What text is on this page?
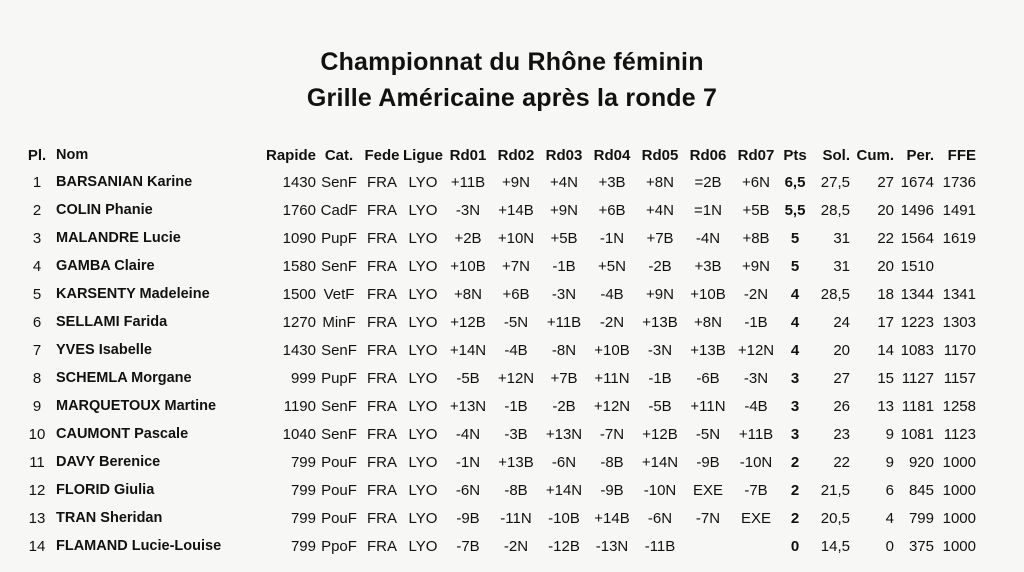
Championnat du Rhône féminin
Grille Américaine après la ronde 7
Pl.	Nom	Rapide	Cat.	Fede	Ligue	Rd01	Rd02	Rd03	Rd04	Rd05	Rd06	Rd07	Pts	Sol.	Cum.	Per.	FFE
1	BARSANIAN Karine	1430	SenF	FRA	LYO	+11B	+9N	+4N	+3B	+8N	=2B	+6N	6,5	27,5	27	1674	1736
2	COLIN Phanie	1760	CadF	FRA	LYO	-3N	+14B	+9N	+6B	+4N	=1N	+5B	5,5	28,5	20	1496	1491
3	MALANDRE Lucie	1090	PupF	FRA	LYO	+2B	+10N	+5B	-1N	+7B	-4N	+8B	5	31	22	1564	1619
4	GAMBA Claire	1580	SenF	FRA	LYO	+10B	+7N	-1B	+5N	-2B	+3B	+9N	5	31	20	1510	
5	KARSENTY Madeleine	1500	VetF	FRA	LYO	+8N	+6B	-3N	-4B	+9N	+10B	-2N	4	28,5	18	1344	1341
6	SELLAMI Farida	1270	MinF	FRA	LYO	+12B	-5N	+11B	-2N	+13B	+8N	-1B	4	24	17	1223	1303
7	YVES Isabelle	1430	SenF	FRA	LYO	+14N	-4B	-8N	+10B	-3N	+13B	+12N	4	20	14	1083	1170
8	SCHEMLA Morgane	999	PupF	FRA	LYO	-5B	+12N	+7B	+11N	-1B	-6B	-3N	3	27	15	1127	1157
9	MARQUETOUX Martine	1190	SenF	FRA	LYO	+13N	-1B	-2B	+12N	-5B	+11N	-4B	3	26	13	1181	1258
10	CAUMONT Pascale	1040	SenF	FRA	LYO	-4N	-3B	+13N	-7N	+12B	-5N	+11B	3	23	9	1081	1123
11	DAVY Berenice	799	PouF	FRA	LYO	-1N	+13B	-6N	-8B	+14N	-9B	-10N	2	22	9	920	1000
12	FLORID Giulia	799	PouF	FRA	LYO	-6N	-8B	+14N	-9B	-10N	EXE	-7B	2	21,5	6	845	1000
13	TRAN Sheridan	799	PouF	FRA	LYO	-9B	-11N	-10B	+14B	-6N	-7N	EXE	2	20,5	4	799	1000
14	FLAMAND Lucie-Louise	799	PpoF	FRA	LYO	-7B	-2N	-12B	-13N	-11B			0	14,5	0	375	1000
